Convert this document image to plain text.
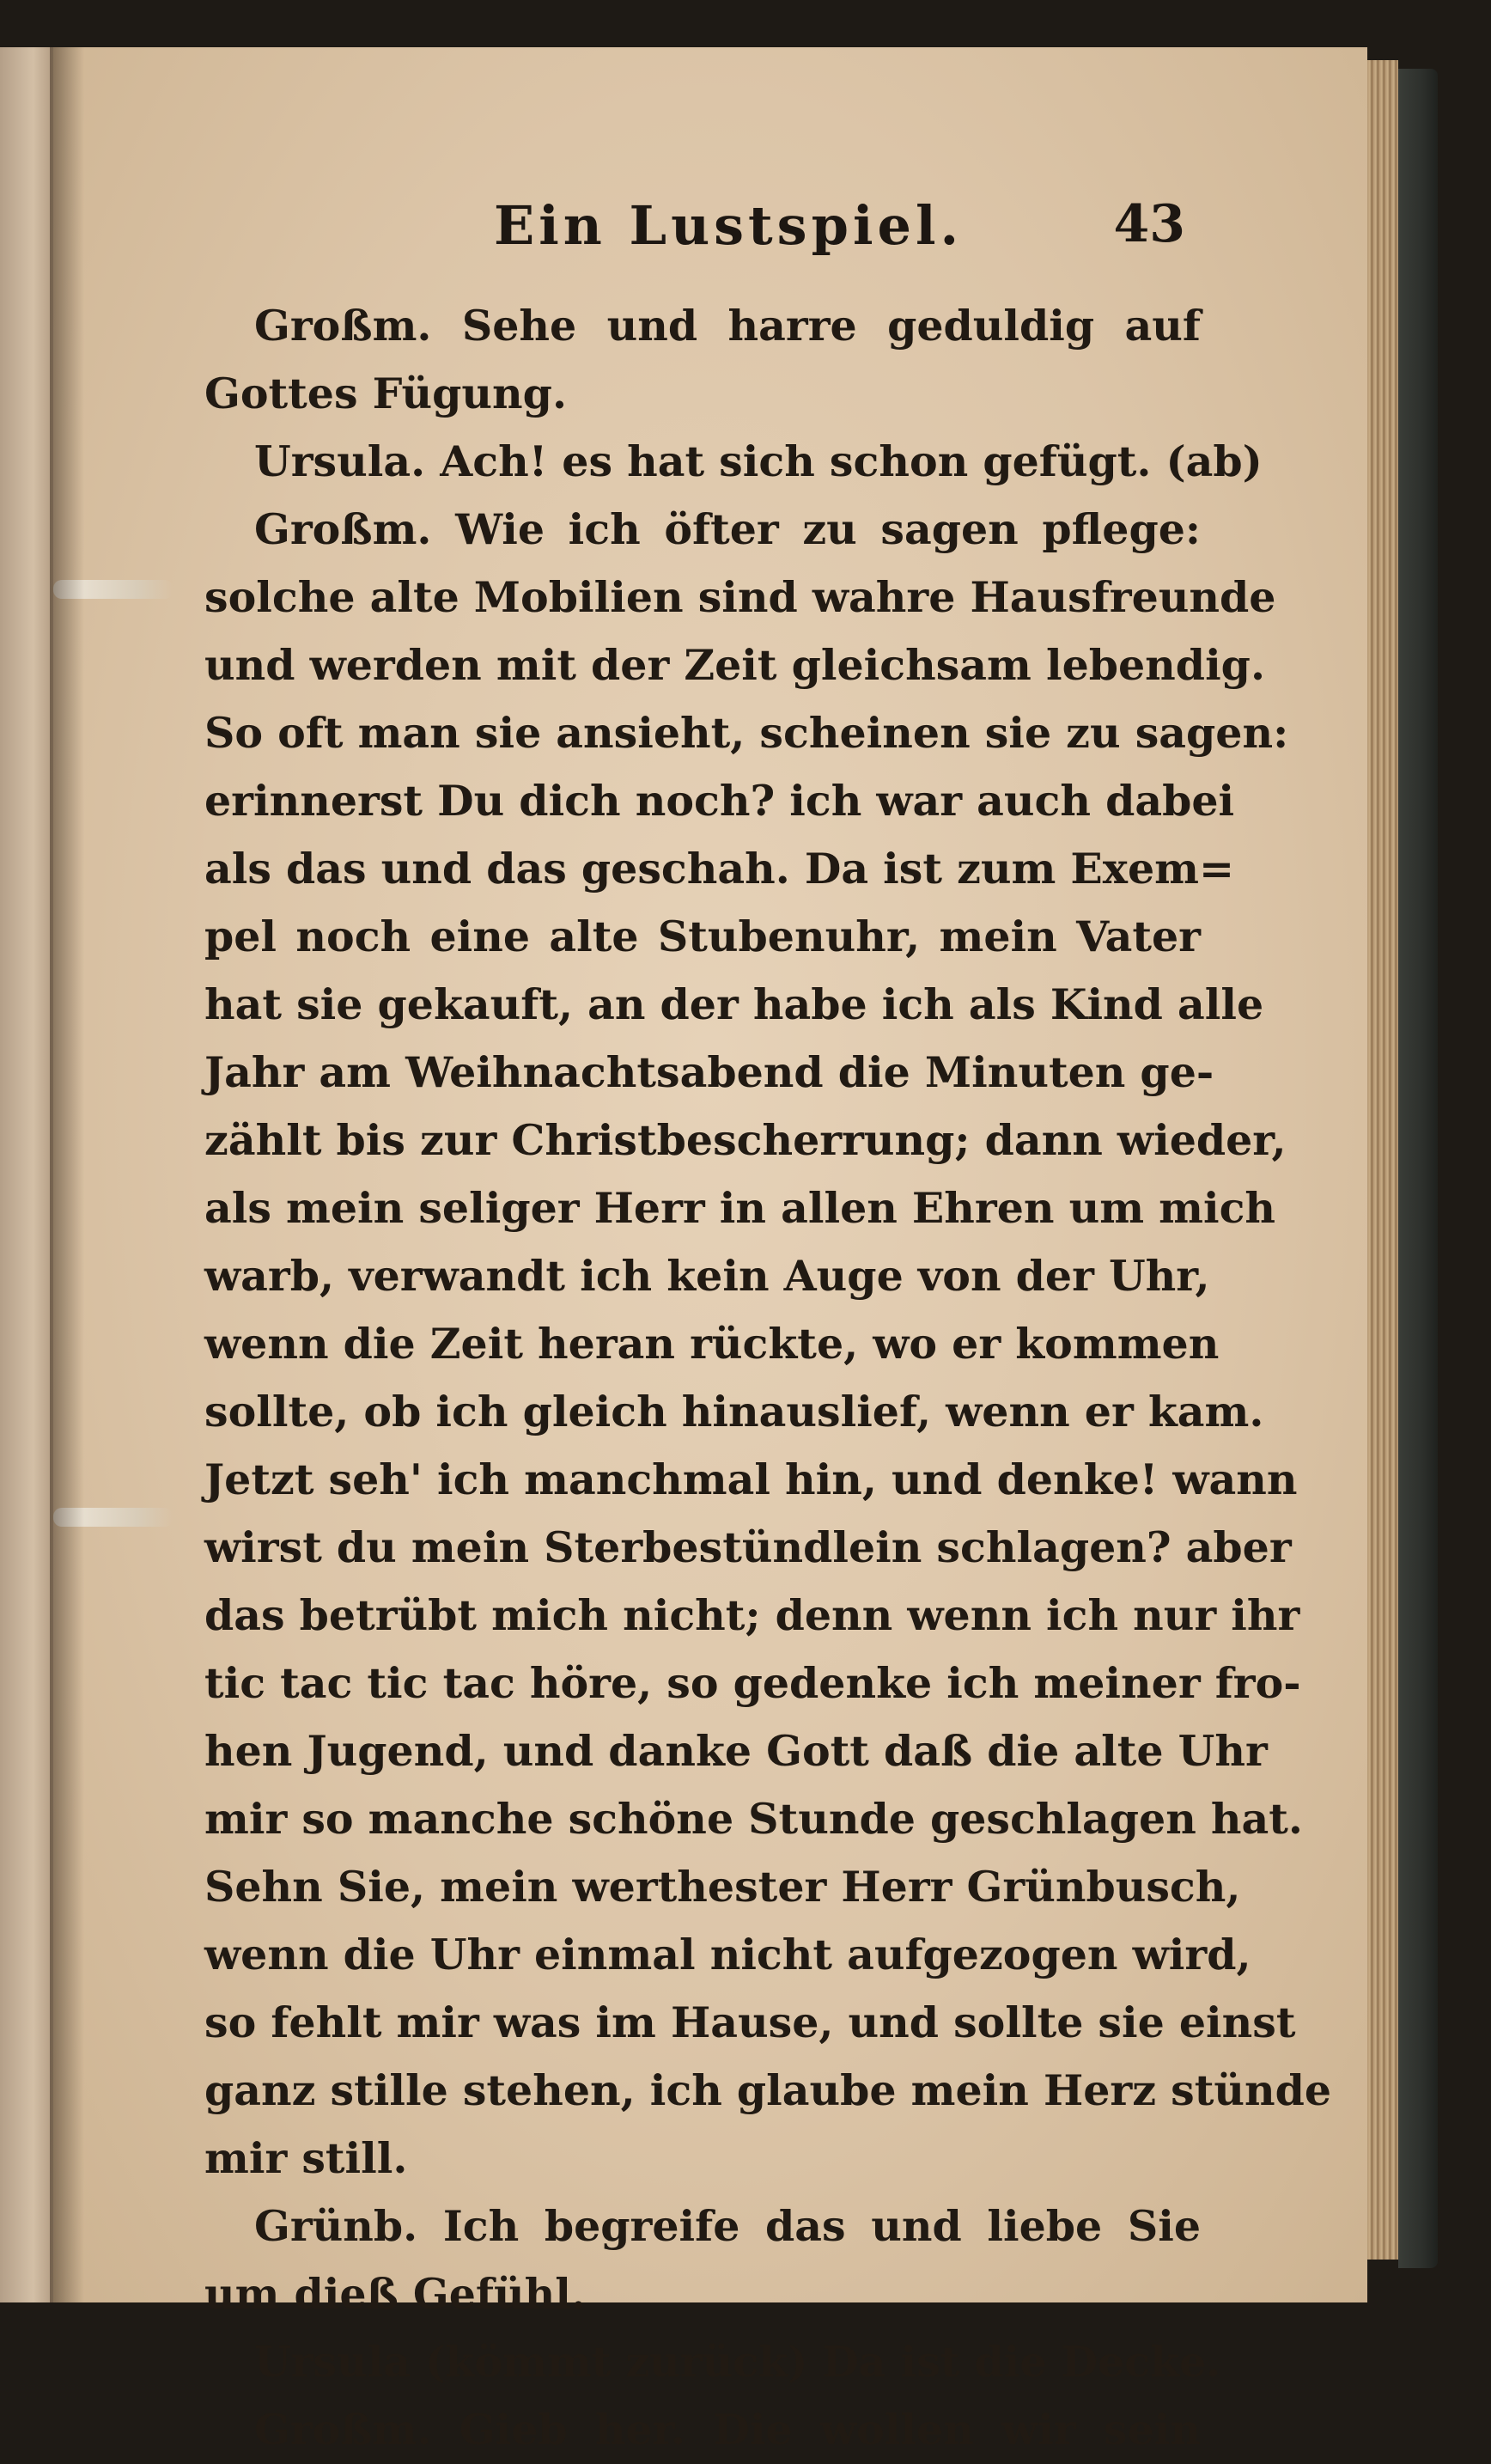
Ein Lustspiel.	43
Großm. Sehe und harre geduldig auf
Gottes Fügung.
Ursula. Ach! es hat sich schon gefügt. (ab)
Großm. Wie ich öfter zu sagen pflege:
solche alte Mobilien sind wahre Hausfreunde
und werden mit der Zeit gleichsam lebendig.
So oft man sie ansieht, scheinen sie zu sagen:
erinnerst Du dich noch? ich war auch dabei
als das und das geschah. Da ist zum Exem=
pel noch eine alte Stubenuhr, mein Vater
hat sie gekauft, an der habe ich als Kind alle
Jahr am Weihnachtsabend die Minuten ge-
zählt bis zur Christbescherrung; dann wieder,
als mein seliger Herr in allen Ehren um mich
warb, verwandt ich kein Auge von der Uhr,
wenn die Zeit heran rückte, wo er kommen
sollte, ob ich gleich hinauslief, wenn er kam.
Jetzt seh' ich manchmal hin, und denke! wann
wirst du mein Sterbestündlein schlagen? aber
das betrübt mich nicht; denn wenn ich nur ihr
tic tac tic tac höre, so gedenke ich meiner fro-
hen Jugend, und danke Gott daß die alte Uhr
mir so manche schöne Stunde geschlagen hat.
Sehn Sie, mein werthester Herr Grünbusch,
wenn die Uhr einmal nicht aufgezogen wird,
so fehlt mir was im Hause, und sollte sie einst
ganz stille stehen, ich glaube mein Herz stünde
mir still.
Grünb. Ich begreife das und liebe Sie
um dieß Gefühl.
Ursula (kömmt zurück) Da ist die Decke.
Großm. Gieb her. Die wollen wir sein
